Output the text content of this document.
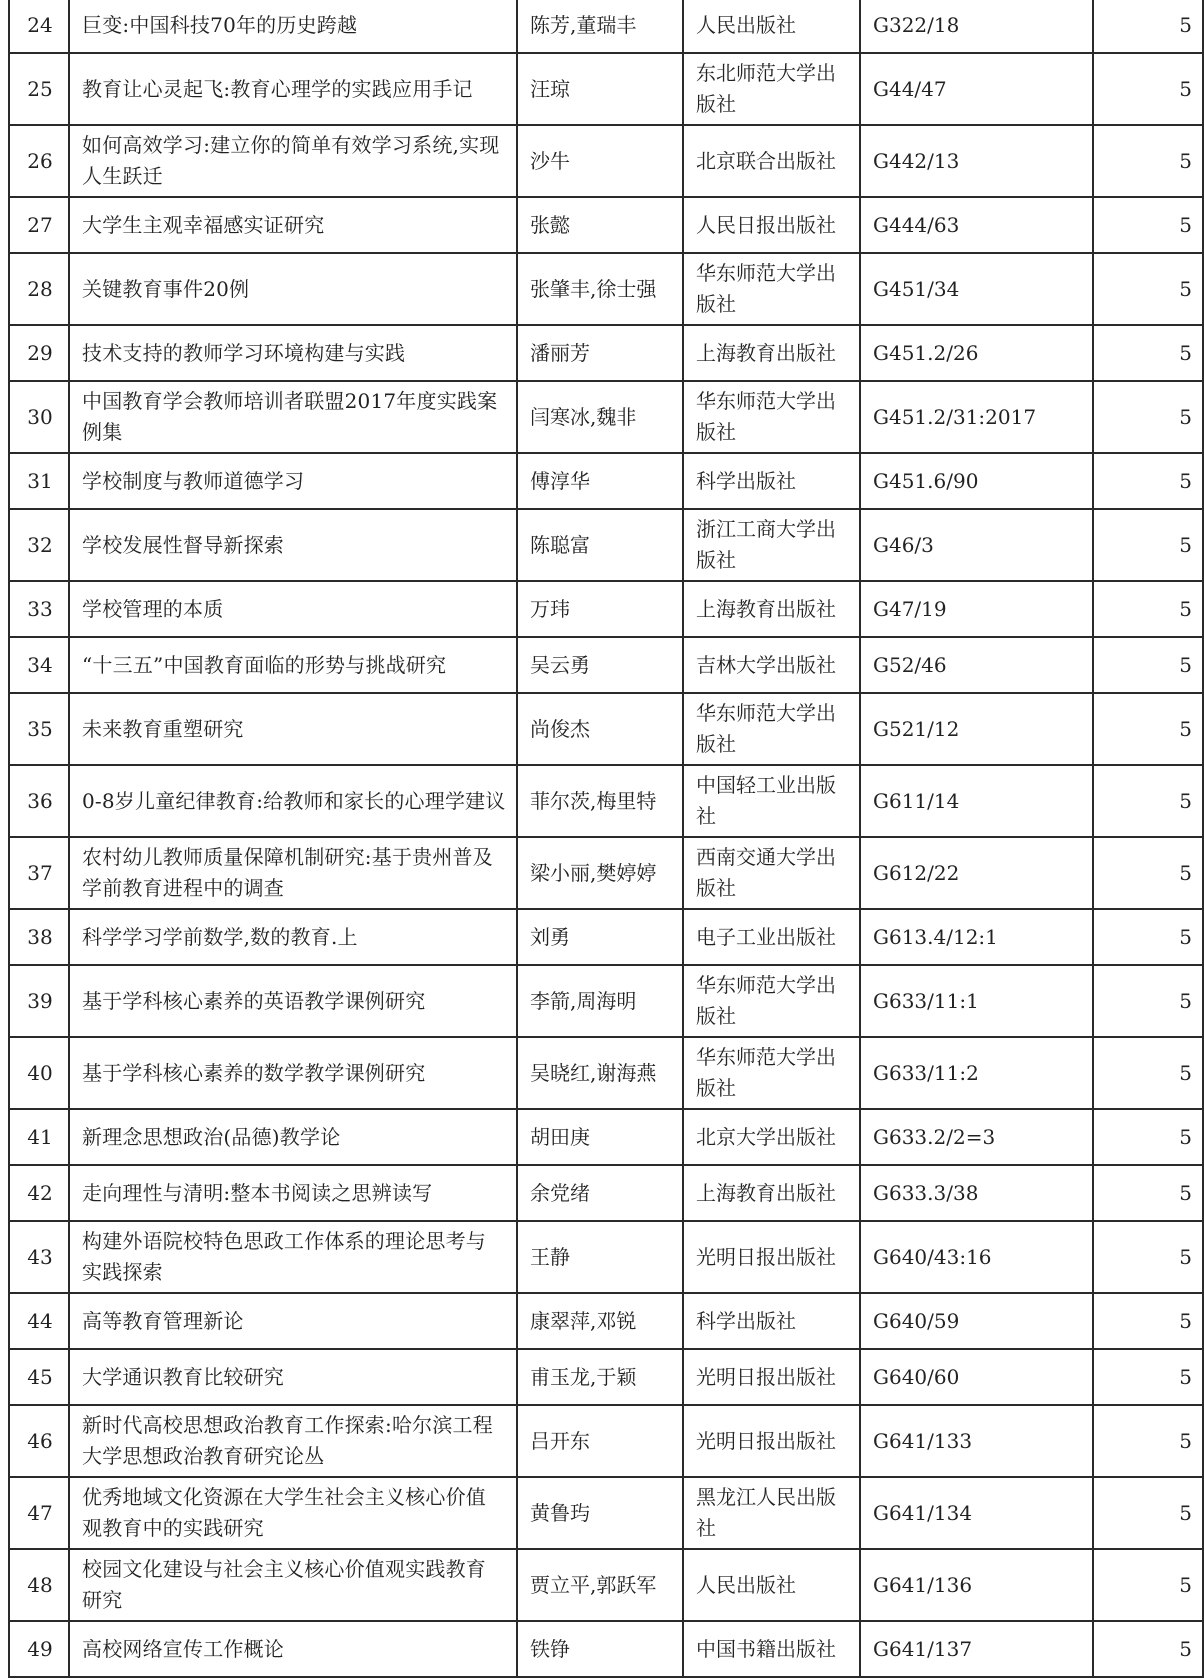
24	巨变:中国科技70年的历史跨越	陈芳,董瑞丰	人民出版社	G322/18	5
25	教育让心灵起飞:教育心理学的实践应用手记	汪琼	东北师范大学出版社	G44/47	5
26	如何高效学习:建立你的简单有效学习系统,实现人生跃迁	沙牛	北京联合出版社	G442/13	5
27	大学生主观幸福感实证研究	张懿	人民日报出版社	G444/63	5
28	关键教育事件20例	张肇丰,徐士强	华东师范大学出版社	G451/34	5
29	技术支持的教师学习环境构建与实践	潘丽芳	上海教育出版社	G451.2/26	5
30	中国教育学会教师培训者联盟2017年度实践案例集	闫寒冰,魏非	华东师范大学出版社	G451.2/31:2017	5
31	学校制度与教师道德学习	傅淳华	科学出版社	G451.6/90	5
32	学校发展性督导新探索	陈聪富	浙江工商大学出版社	G46/3	5
33	学校管理的本质	万玮	上海教育出版社	G47/19	5
34	“十三五”中国教育面临的形势与挑战研究	吴云勇	吉林大学出版社	G52/46	5
35	未来教育重塑研究	尚俊杰	华东师范大学出版社	G521/12	5
36	0-8岁儿童纪律教育:给教师和家长的心理学建议	菲尔茨,梅里特	中国轻工业出版社	G611/14	5
37	农村幼儿教师质量保障机制研究:基于贵州普及学前教育进程中的调查	梁小丽,樊婷婷	西南交通大学出版社	G612/22	5
38	科学学习学前数学,数的教育.上	刘勇	电子工业出版社	G613.4/12:1	5
39	基于学科核心素养的英语教学课例研究	李箭,周海明	华东师范大学出版社	G633/11:1	5
40	基于学科核心素养的数学教学课例研究	吴晓红,谢海燕	华东师范大学出版社	G633/11:2	5
41	新理念思想政治(品德)教学论	胡田庚	北京大学出版社	G633.2/2=3	5
42	走向理性与清明:整本书阅读之思辨读写	余党绪	上海教育出版社	G633.3/38	5
43	构建外语院校特色思政工作体系的理论思考与实践探索	王静	光明日报出版社	G640/43:16	5
44	高等教育管理新论	康翠萍,邓锐	科学出版社	G640/59	5
45	大学通识教育比较研究	甫玉龙,于颖	光明日报出版社	G640/60	5
46	新时代高校思想政治教育工作探索:哈尔滨工程大学思想政治教育研究论丛	吕开东	光明日报出版社	G641/133	5
47	优秀地域文化资源在大学生社会主义核心价值观教育中的实践研究	黄鲁玙	黑龙江人民出版社	G641/134	5
48	校园文化建设与社会主义核心价值观实践教育研究	贾立平,郭跃军	人民出版社	G641/136	5
49	高校网络宣传工作概论	铁铮	中国书籍出版社	G641/137	5
